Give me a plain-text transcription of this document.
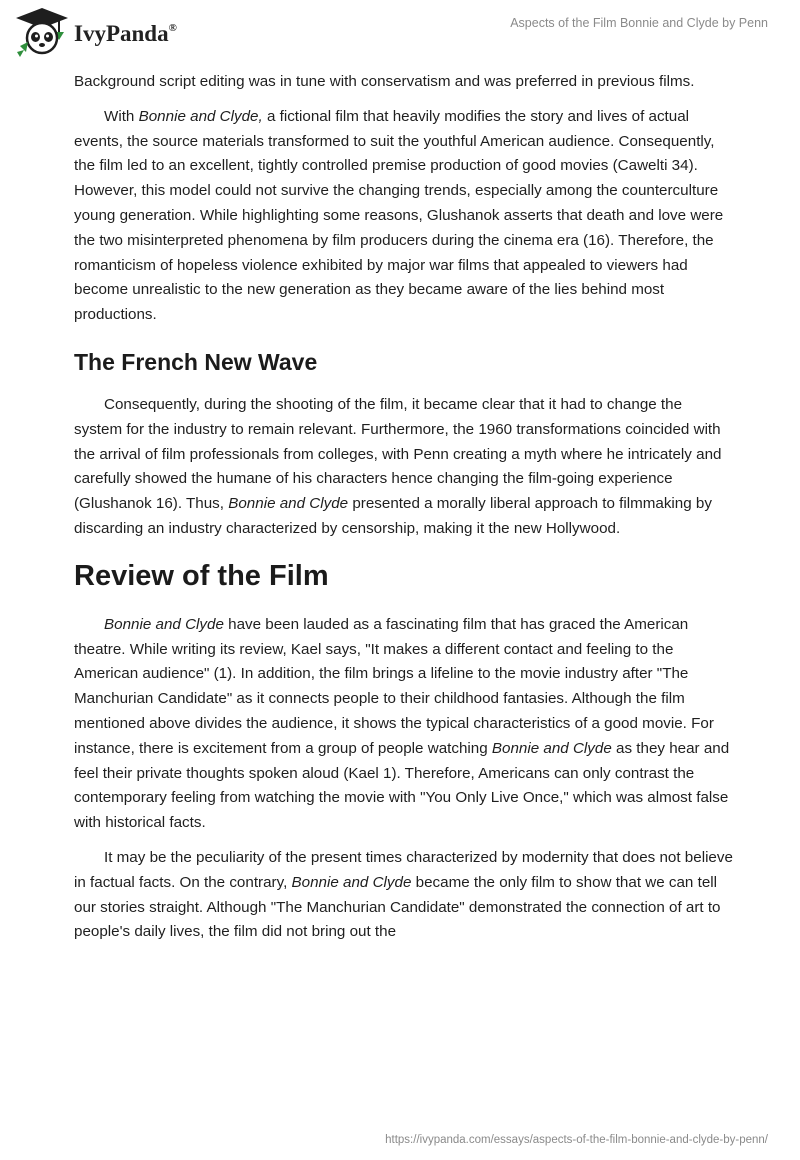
IvyPanda®	Aspects of the Film Bonnie and Clyde by Penn

Background script editing was in tune with conservatism and was preferred in previous films.

With Bonnie and Clyde, a fictional film that heavily modifies the story and lives of actual events, the source materials transformed to suit the youthful American audience. Consequently, the film led to an excellent, tightly controlled premise production of good movies (Cawelti 34). However, this model could not survive the changing trends, especially among the counterculture young generation. While highlighting some reasons, Glushanok asserts that death and love were the two misinterpreted phenomena by film producers during the cinema era (16). Therefore, the romanticism of hopeless violence exhibited by major war films that appealed to viewers had become unrealistic to the new generation as they became aware of the lies behind most productions.

The French New Wave

Consequently, during the shooting of the film, it became clear that it had to change the system for the industry to remain relevant. Furthermore, the 1960 transformations coincided with the arrival of film professionals from colleges, with Penn creating a myth where he intricately and carefully showed the humane of his characters hence changing the film-going experience (Glushanok 16). Thus, Bonnie and Clyde presented a morally liberal approach to filmmaking by discarding an industry characterized by censorship, making it the new Hollywood.

Review of the Film

Bonnie and Clyde have been lauded as a fascinating film that has graced the American theatre. While writing its review, Kael says, "It makes a different contact and feeling to the American audience" (1). In addition, the film brings a lifeline to the movie industry after "The Manchurian Candidate" as it connects people to their childhood fantasies. Although the film mentioned above divides the audience, it shows the typical characteristics of a good movie. For instance, there is excitement from a group of people watching Bonnie and Clyde as they hear and feel their private thoughts spoken aloud (Kael 1). Therefore, Americans can only contrast the contemporary feeling from watching the movie with "You Only Live Once," which was almost false with historical facts.

It may be the peculiarity of the present times characterized by modernity that does not believe in factual facts. On the contrary, Bonnie and Clyde became the only film to show that we can tell our stories straight. Although "The Manchurian Candidate" demonstrated the connection of art to people's daily lives, the film did not bring out the

https://ivypanda.com/essays/aspects-of-the-film-bonnie-and-clyde-by-penn/
